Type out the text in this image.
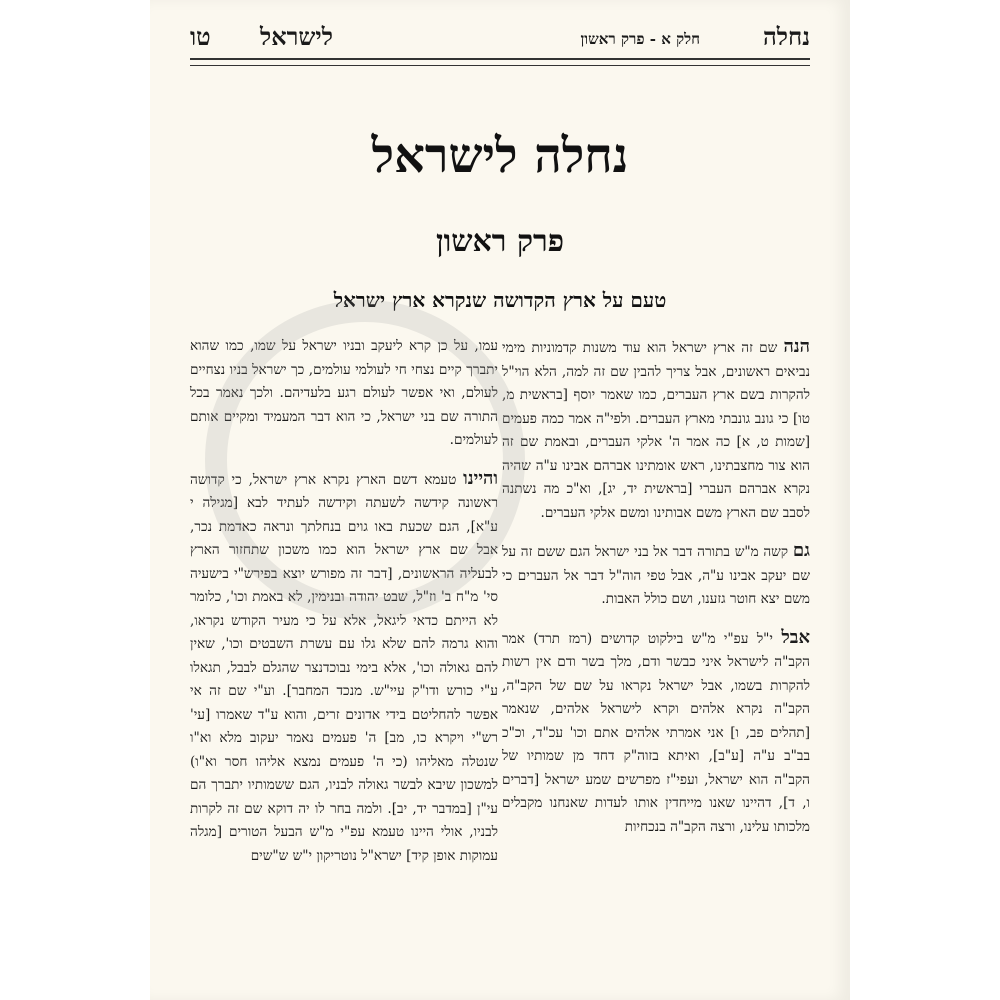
נחלה
חלק א - פרק ראשון
לישראל
טו
נחלה לישראל
פרק ראשון
טעם על ארץ הקדושה שנקרא ארץ ישראל

הנה שם זה ארץ ישראל הוא עוד משנות קדמוניות מימי נביאים ראשונים, אבל צריך להבין שם זה למה, הלא הוי"ל להקרות בשם ארץ העברים, כמו שאמר יוסף [בראשית מ, טו] כי גונב גונבתי מארץ העברים. ולפי"ה אמר כמה פעמים [שמות ט, א] כה אמר ה' אלקי העברים, ובאמת שם זה הוא צור מחצבתינו, ראש אומתינו אברהם אבינו ע"ה שהיה נקרא אברהם העברי [בראשית יד, יג], וא"כ מה נשתנה לסבב שם הארץ משם אבותינו ומשם אלקי העברים.

גם קשה מ"ש בתורה דבר אל בני ישראל הגם ששם זה על שם יעקב אבינו ע"ה, אבל טפי הוה"ל דבר אל העברים כי משם יצא חוטר גזענו, ושם כולל האבות.

אבל י"ל עפ"י מ"ש בילקוט קדושים (רמז תרד) אמר הקב"ה לישראל איני כבשר ודם, מלך בשר ודם אין רשות להקרות בשמו, אבל ישראל נקראו על שם של הקב"ה, הקב"ה נקרא אלהים וקרא לישראל אלהים, שנאמר [תהלים פב, ו] אני אמרתי אלהים אתם וכו' עכ"ד, וכ"כ בב"ב ע"ה [ע"ב], ואיתא בזוה"ק דחד מן שמותיו של הקב"ה הוא ישראל, ועפי"ז מפרשים שמע ישראל [דברים ו, ד], דהיינו שאנו מייחדין אותו לעדות שאנחנו מקבלים מלכותו עלינו, ורצה הקב"ה בנכחיות

עמו, על כן קרא ליעקב ובניו ישראל על שמו, כמו שהוא יתברך קיים נצחי חי לעולמי עולמים, כך ישראל בניו נצחיים לעולם, ואי אפשר לעולם רגע בלעדיהם. ולכך נאמר בכל התורה שם בני ישראל, כי הוא דבר המעמיד ומקיים אותם לעולמים.

והיינו טעמא דשם הארץ נקרא ארץ ישראל, כי קדושה ראשונה קידשה לשעתה וקידשה לעתיד לבא [מגילה י ע"א], הגם שכעת באו גוים בנחלתך ונראה כאדמת נכר, אבל שם ארץ ישראל הוא כמו משכון שתחזור הארץ לבעליה הראשונים, [דבר זה מפורש יוצא בפירש"י בישעיה סי' מ"ח ב' וז"ל, שבט יהודה ובנימין, לא באמת וכו', כלומר לא הייתם כדאי ליגאל, אלא על כי מעיר הקודש נקראו, והוא גרמה להם שלא גלו עם עשרת השבטים וכו', שאין להם גאולה וכו', אלא בימי נבוכדנצר שהגלם לבבל, תגאלו ע"י כורש ודו"ק עיי"ש. מנכד המחבר]. וע"י שם זה אי אפשר להחליטם בידי אדונים זרים, והוא ע"ד שאמרו [עי' רש"י ויקרא כו, מב] ה' פעמים נאמר יעקוב מלא וא"ו שנטלה מאליהו (כי ה' פעמים נמצא אליהו חסר וא"ו) למשכון שיבא לבשר גאולה לבניו, הגם ששמותיו יתברך הם עי"ן [במדבר יד, יב]. ולמה בחר לו יה דוקא שם זה לקרות לבניו, אולי היינו טעמא עפ"י מ"ש הבעל הטורים [מגלה עמוקות אופן קיד] ישרא"ל נוטריקון י"ש ש"שים
